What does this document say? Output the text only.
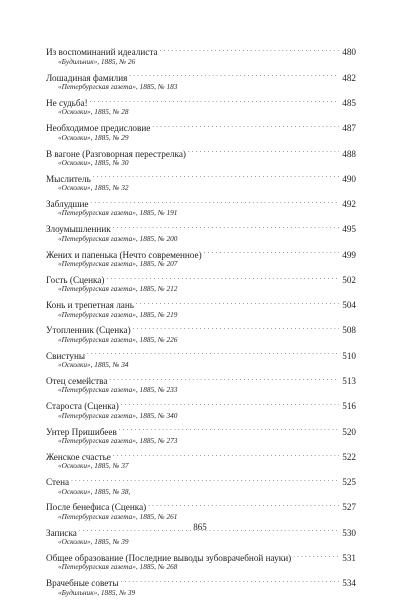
Из воспоминаний идеалиста . . .	480
«Будильник», 1885, № 26
Лошадиная фамилия . . .	482
«Петербургская газета», 1885, № 183
Не судьба! . . .	485
«Осколки», 1885, № 28
Необходимое предисловие . . .	487
«Осколки», 1885, № 29
В вагоне (Разговорная перестрелка) . . .	488
«Осколки», 1885, № 30
Мыслитель . . .	490
«Осколки», 1885, № 32
Заблудшие . . .	492
«Петербургская газета», 1885, № 191
Злоумышленник . . .	495
«Петербургская газета», 1885, № 200
Жених и папенька (Нечто современное) . . .	499
«Петербургская газета», 1885, № 207
Гость (Сценка) . . .	502
«Петербургская газета», 1885, № 212
Конь и трепетная лань . . .	504
«Петербургская газета», 1885, № 219
Утопленник (Сценка) . . .	508
«Петербургская газета», 1885, № 226
Свистуны . . .	510
«Осколки», 1885, № 34
Отец семейства . . .	513
«Петербургская газета», 1885, № 233
Староста (Сценка) . . .	516
«Петербургская газета», 1885, № 340
Унтер Пришибеев . . .	520
«Петербургская газета», 1885, № 273
Женское счастье . . .	522
«Осколки», 1885, № 37
Стена . . .	525
«Осколки», 1885, № 38,
После бенефиса (Сценка) . . .	527
«Петербургская газета», 1885, № 261
Записка . . .	530
«Осколки», 1885, № 39
Общее образование (Последние выводы зубоврачебной науки) . . .	531
«Петербургская газета», 1885, № 268
Врачебные советы . . .	534
«Будильник», 1885, № 39
865
